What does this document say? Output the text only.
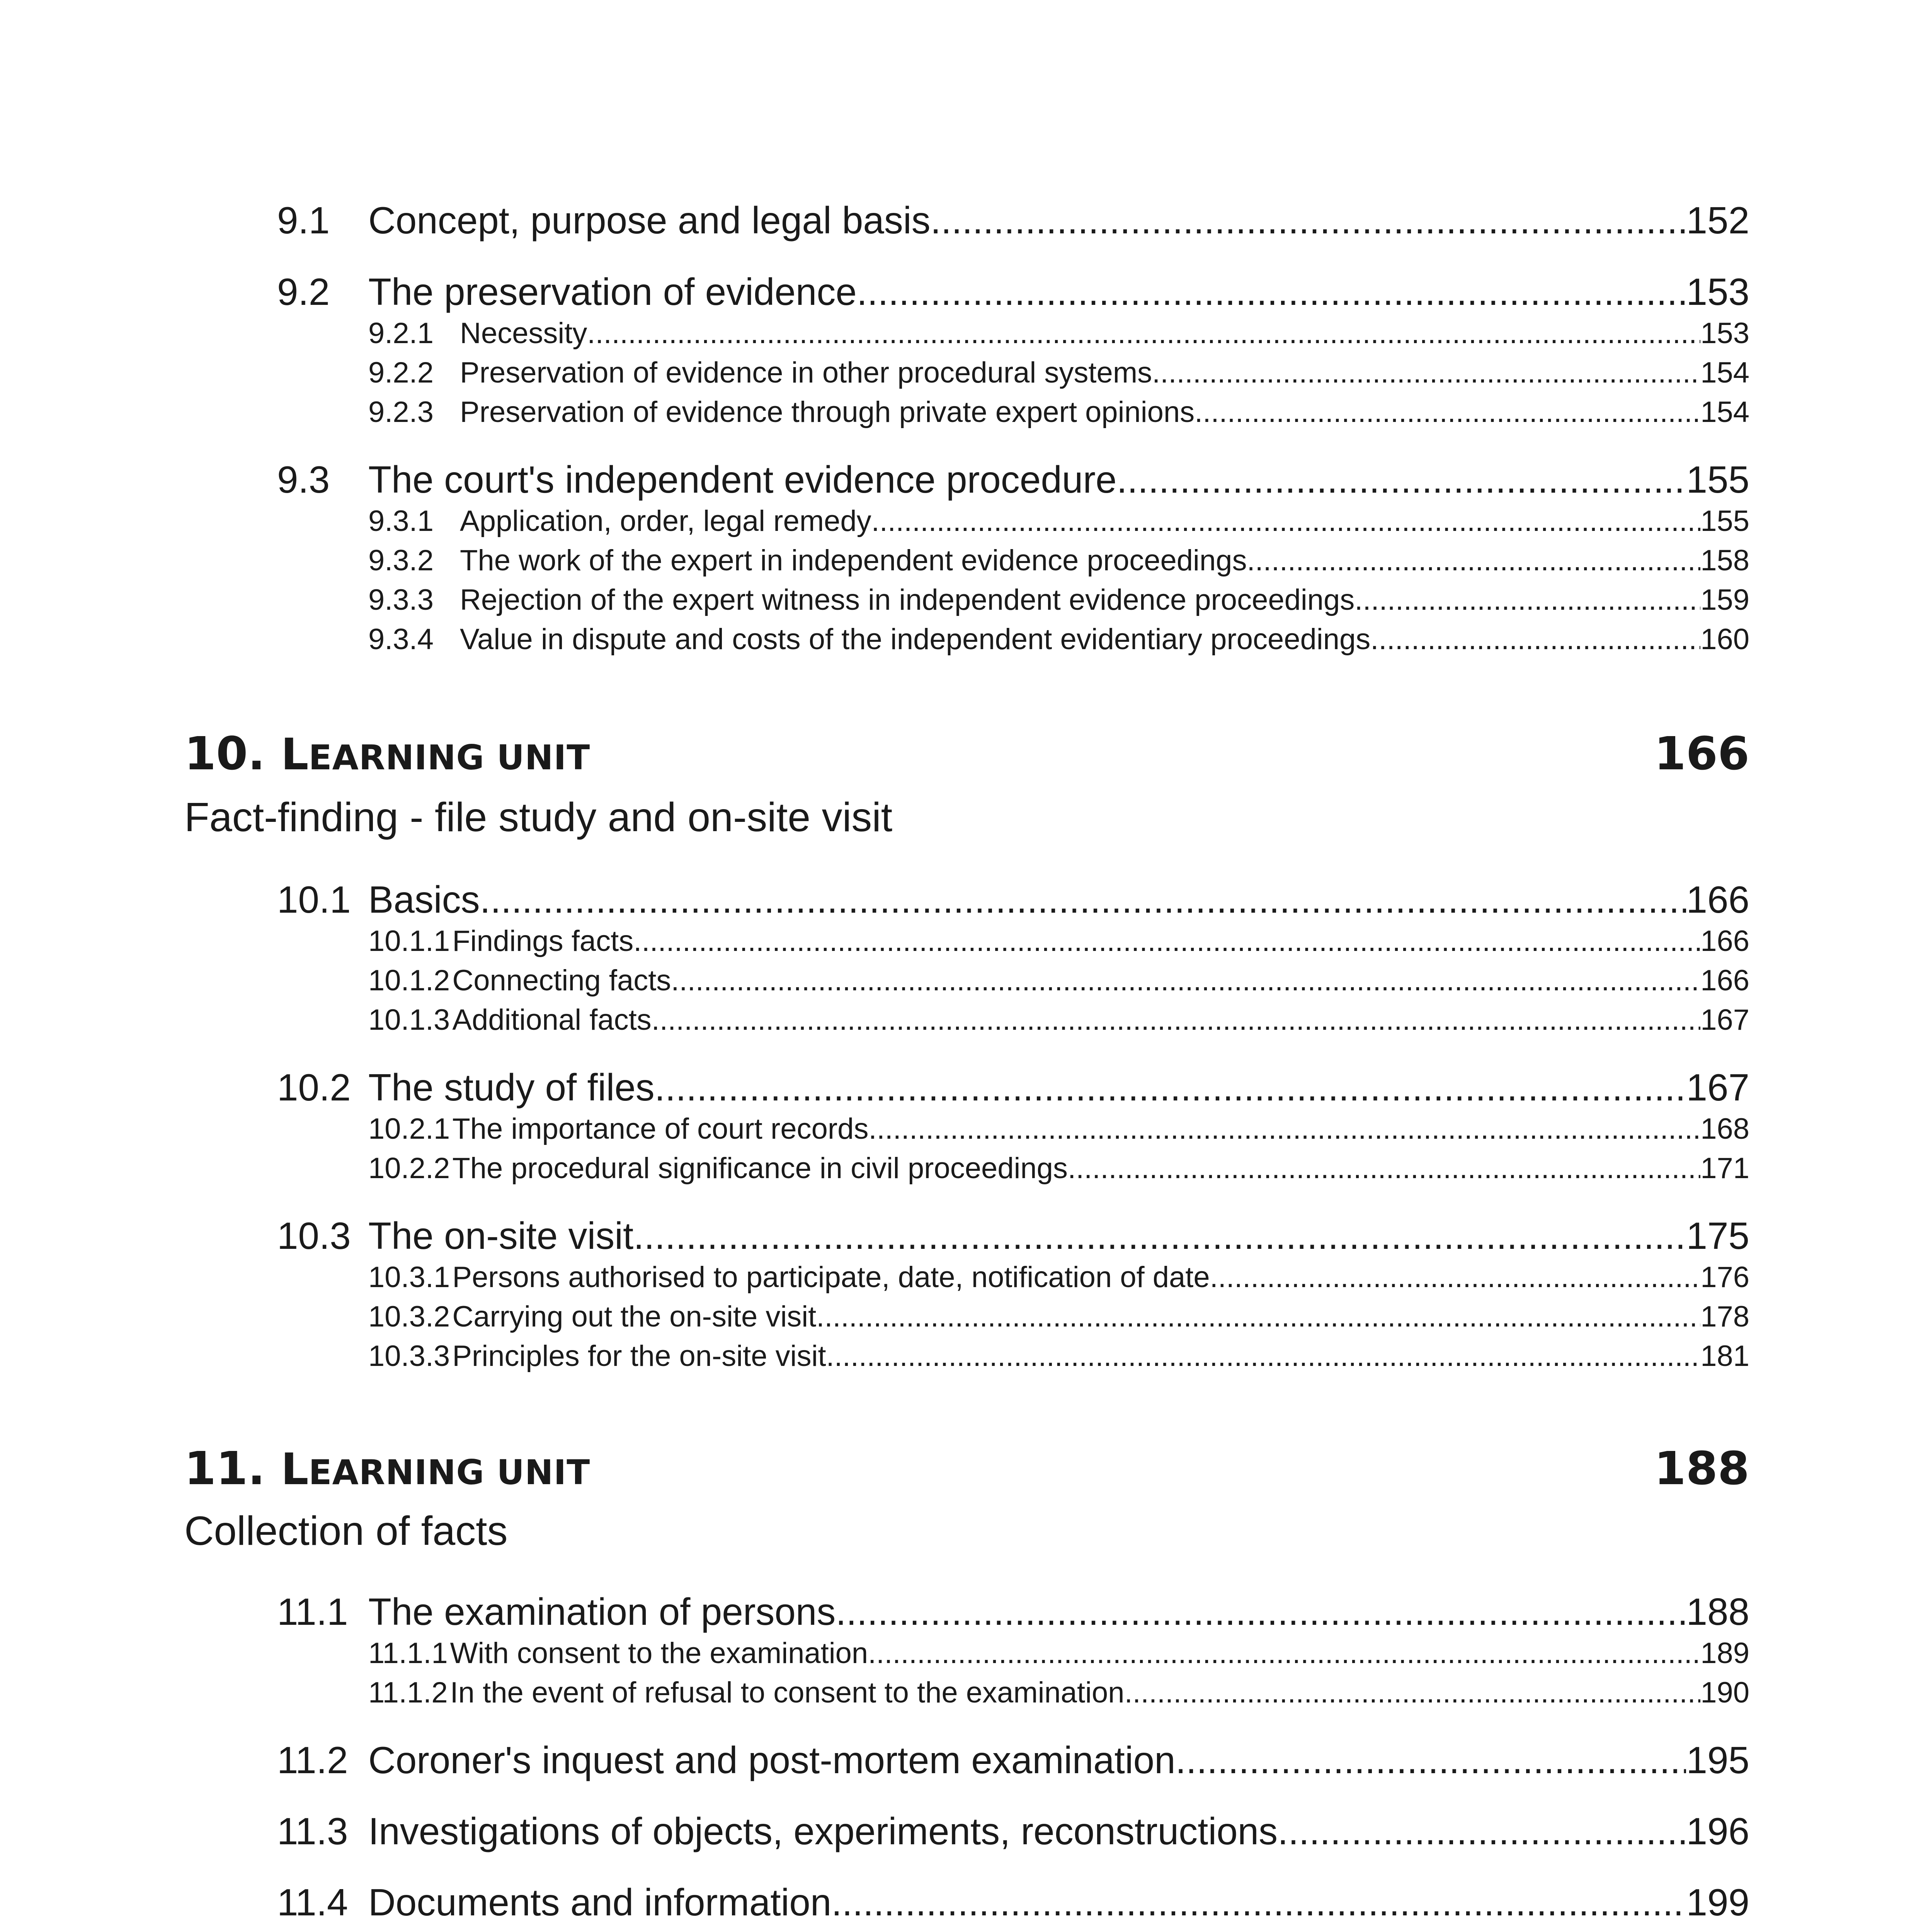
9.1	Concept, purpose and legal basis .....	152
9.2	The preservation of evidence .....	153
9.2.1 Necessity .....	153
9.2.2 Preservation of evidence in other procedural systems .....	154
9.2.3 Preservation of evidence through private expert opinions .....	154
9.3	The court's independent evidence procedure .....	155
9.3.1 Application, order, legal remedy .....	155
9.3.2 The work of the expert in independent evidence proceedings .....	158
9.3.3 Rejection of the expert witness in independent evidence proceedings .....	159
9.3.4 Value in dispute and costs of the independent evidentiary proceedings .....	160
10. LEARNING UNIT	166
Fact-finding - file study and on-site visit
10.1 Basics .....	166
10.1.1 Findings facts .....	166
10.1.2 Connecting facts .....	166
10.1.3 Additional facts .....	167
10.2 The study of files .....	167
10.2.1 The importance of court records .....	168
10.2.2 The procedural significance in civil proceedings .....	171
10.3 The on-site visit .....	175
10.3.1 Persons authorised to participate, date, notification of date .....	176
10.3.2 Carrying out the on-site visit .....	178
10.3.3 Principles for the on-site visit .....	181
11. LEARNING UNIT	188
Collection of facts
11.1 The examination of persons. .....	188
11.1.1 With consent to the examination .....	189
11.1.2 In the event of refusal to consent to the examination .....	190
11.2 Coroner's inquest and post-mortem examination .....	195
11.3 Investigations of objects, experiments, reconstructions .....	196
11.4 Documents and information .....	199
